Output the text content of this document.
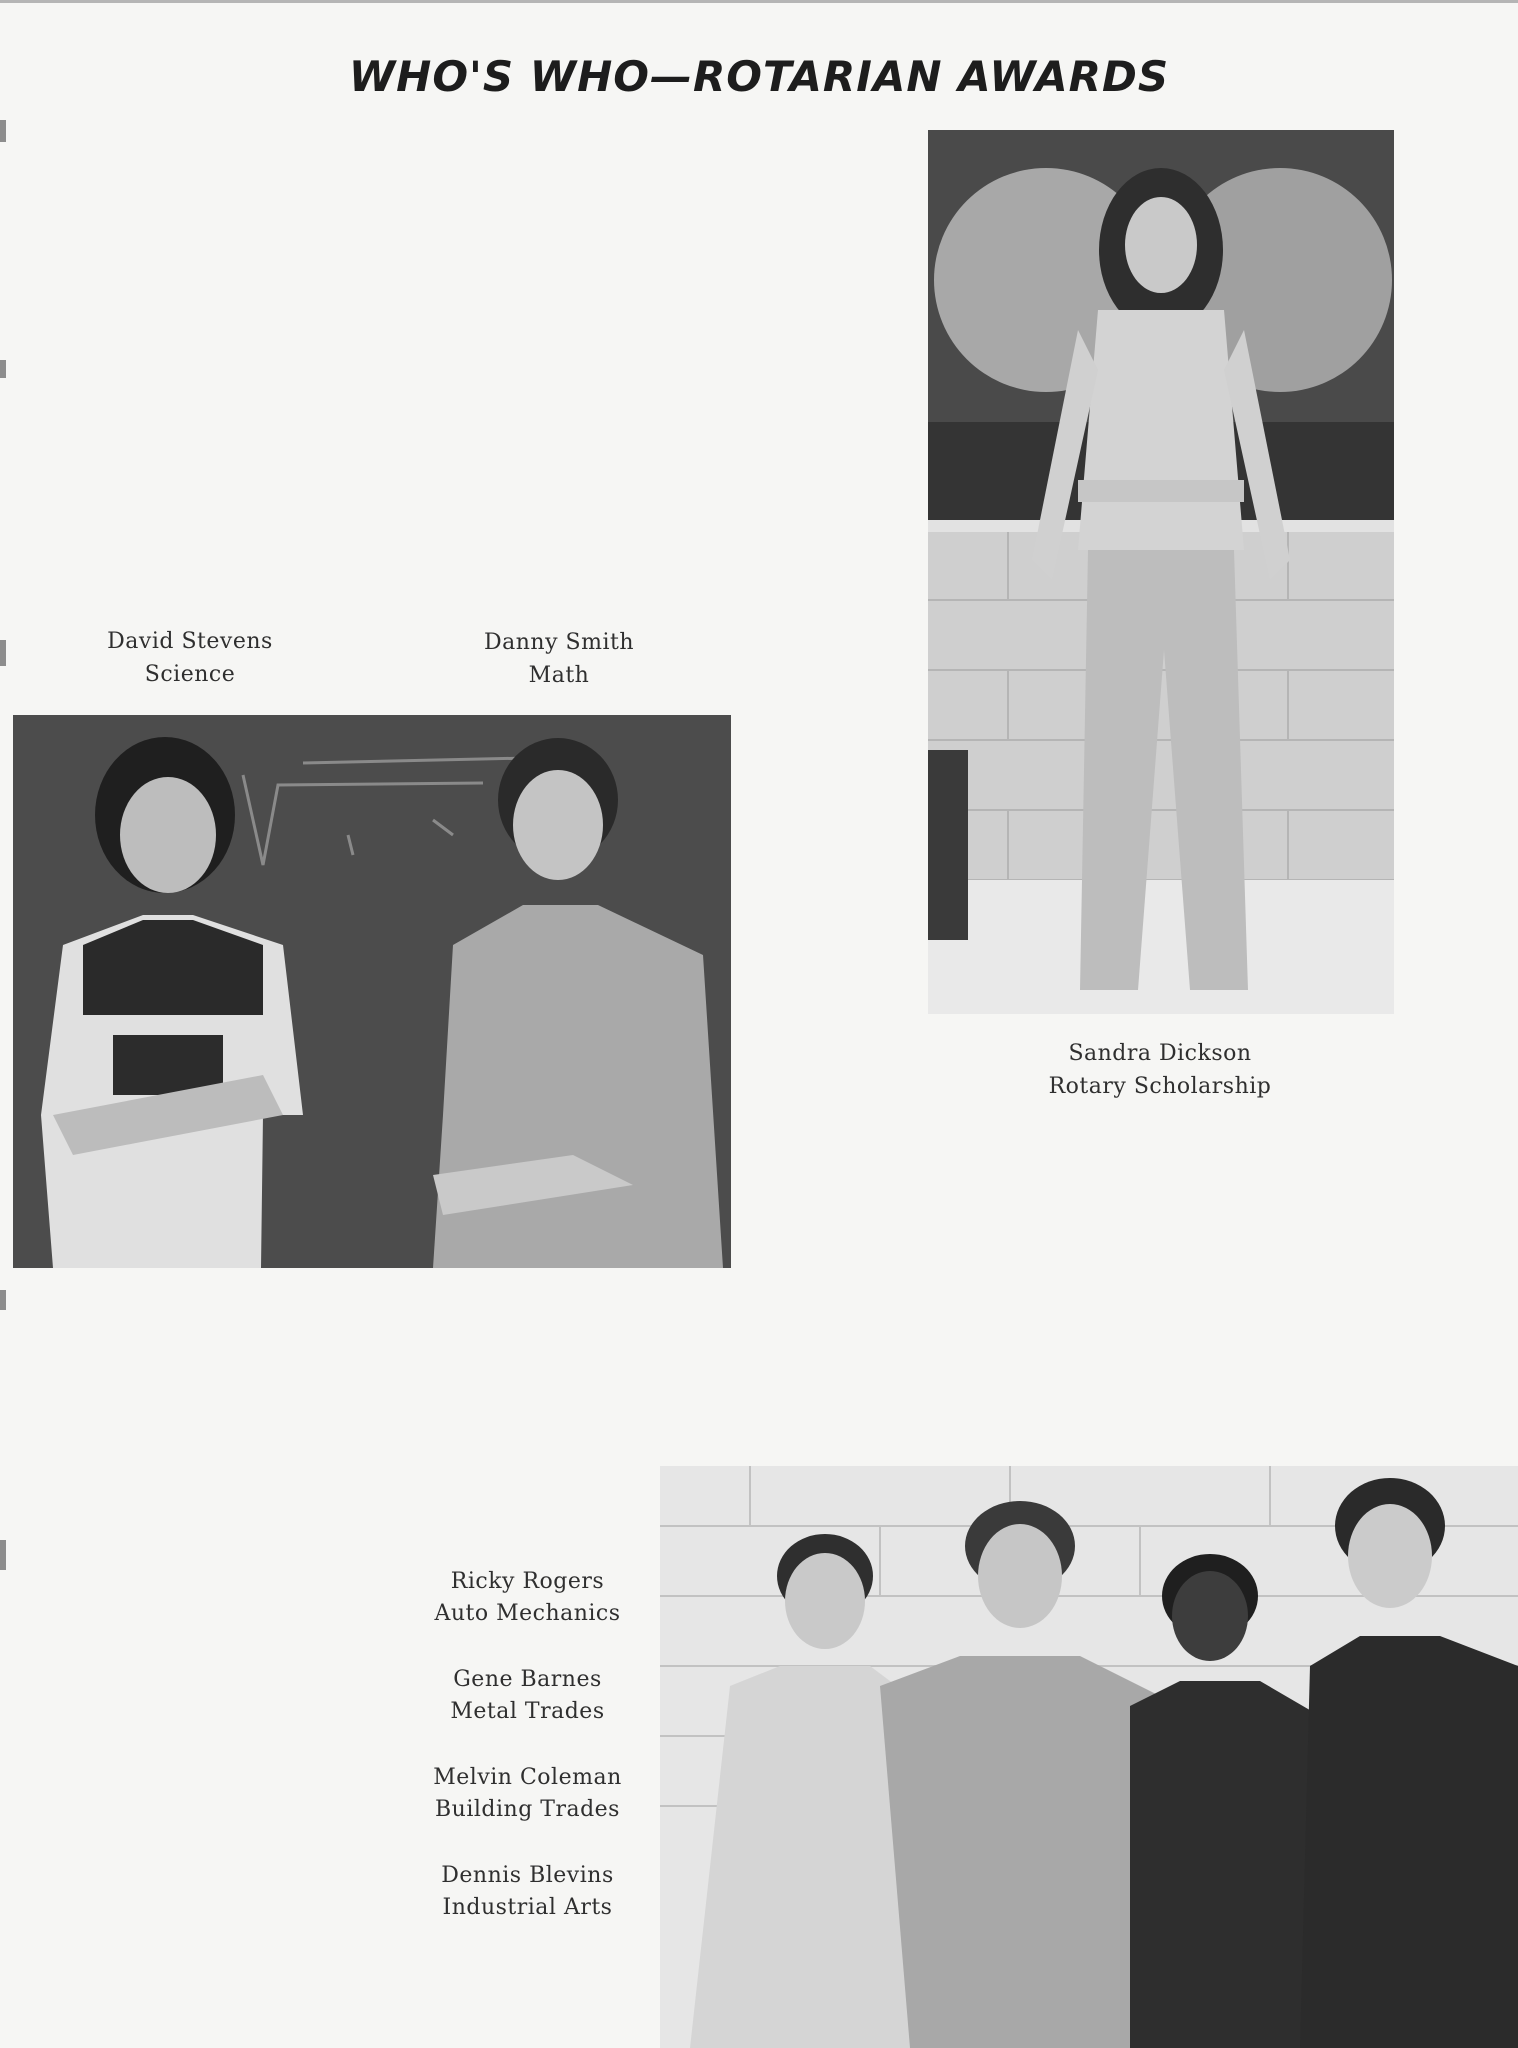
WHO'S WHO—ROTARIAN AWARDS
Sandra Dickson
Rotary Scholarship
David Stevens
Science
Danny Smith
Math
Ricky Rogers
Auto Mechanics
Gene Barnes
Metal Trades
Melvin Coleman
Building Trades
Dennis Blevins
Industrial Arts
